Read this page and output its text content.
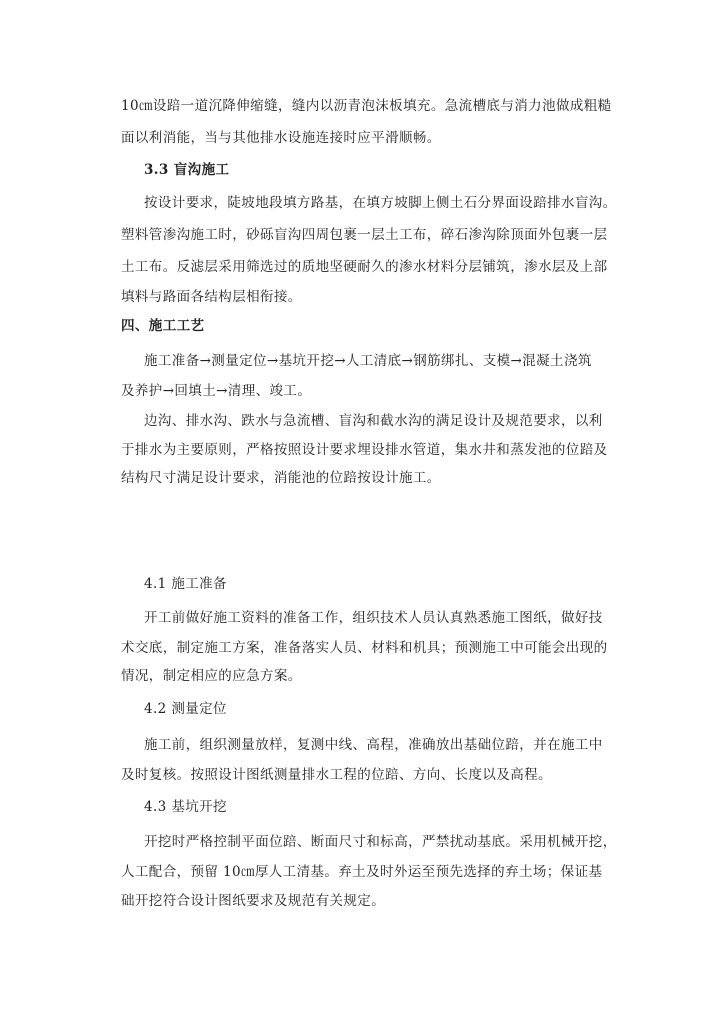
10㎝设踣一道沉降伸缩缝，缝内以沥青泡沫板填充。急流槽底与消力池做成粗糙
面以利消能，当与其他排水设施连接时应平滑顺畅。
3.3 盲沟施工
按设计要求，陡坡地段填方路基，在填方坡脚上侧土石分界面设踣排水盲沟。
塑料管渗沟施工时，砂砾盲沟四周包裹一层土工布，碎石渗沟除顶面外包裹一层
土工布。反滤层采用筛选过的质地坚硬耐久的渗水材料分层铺筑，渗水层及上部
填料与路面各结构层相衔接。
四、施工工艺
施工准备→测量定位→基坑开挖→人工清底→钢筋绑扎、支模→混凝土浇筑
及养护→回填土→清理、竣工。
边沟、排水沟、跌水与急流槽、盲沟和截水沟的满足设计及规范要求，以利
于排水为主要原则，严格按照设计要求埋设排水管道，集水井和蒸发池的位踣及
结构尺寸满足设计要求，消能池的位踣按设计施工。
4.1 施工准备
开工前做好施工资料的准备工作，组织技术人员认真熟悉施工图纸，做好技
术交底，制定施工方案，准备落实人员、材料和机具；预测施工中可能会出现的
情况，制定相应的应急方案。
4.2 测量定位
施工前，组织测量放样，复测中线、高程，准确放出基础位踣，并在施工中
及时复核。按照设计图纸测量排水工程的位踣、方向、长度以及高程。
4.3 基坑开挖
开挖时严格控制平面位踣、断面尺寸和标高，严禁扰动基底。采用机械开挖，
人工配合，预留 10㎝厚人工清基。弃土及时外运至预先选择的弃土场；保证基
础开挖符合设计图纸要求及规范有关规定。
